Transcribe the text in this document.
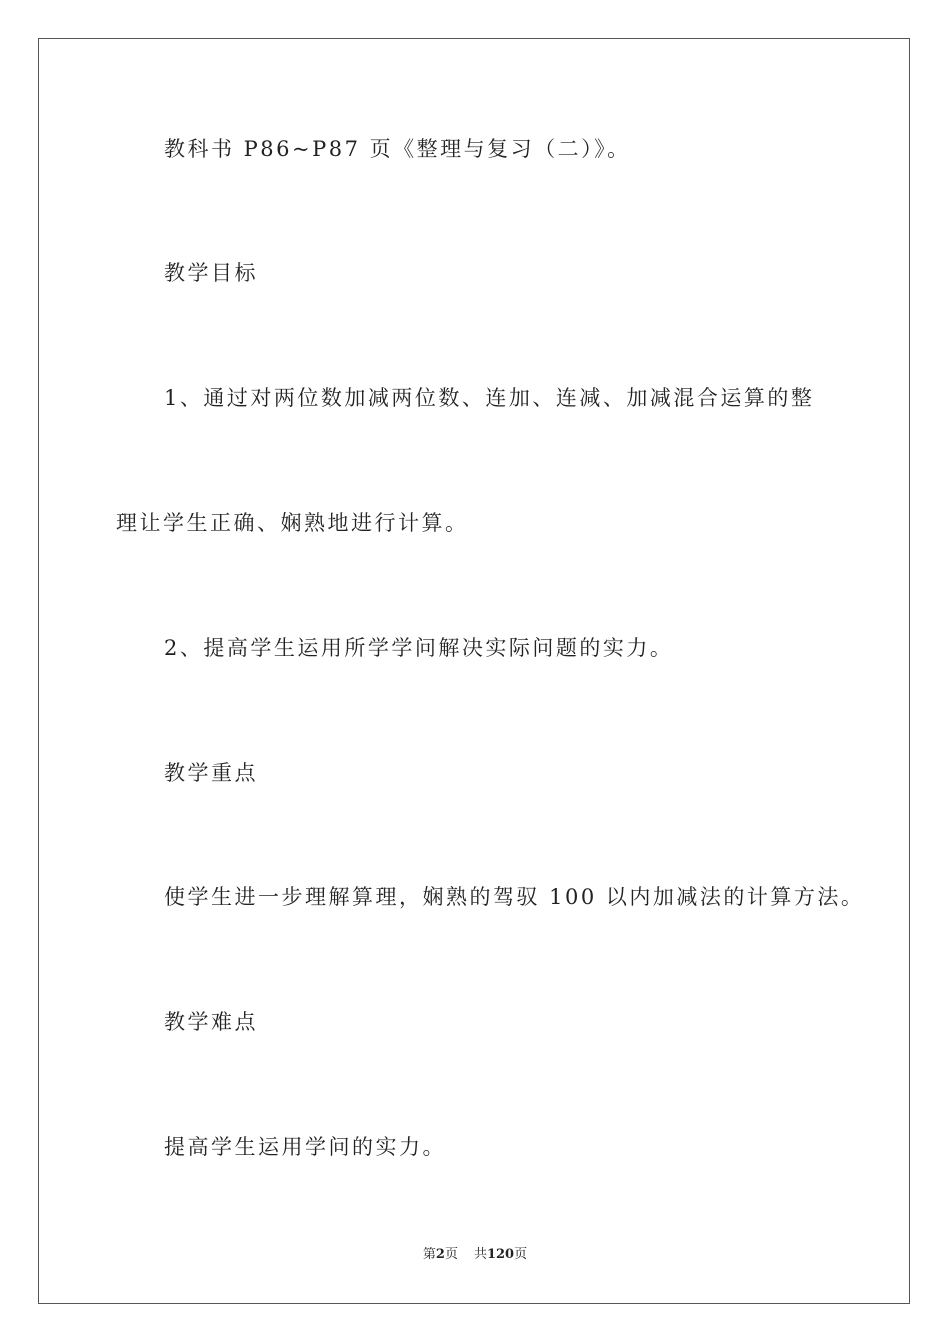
教科书 P86~P87 页《整理与复习（二）》。
教学目标
1、通过对两位数加减两位数、连加、连减、加减混合运算的整
理让学生正确、娴熟地进行计算。
2、提高学生运用所学学问解决实际问题的实力。
教学重点
使学生进一步理解算理，娴熟的驾驭 100 以内加减法的计算方法。
教学难点
提高学生运用学问的实力。
第2页 共120页
